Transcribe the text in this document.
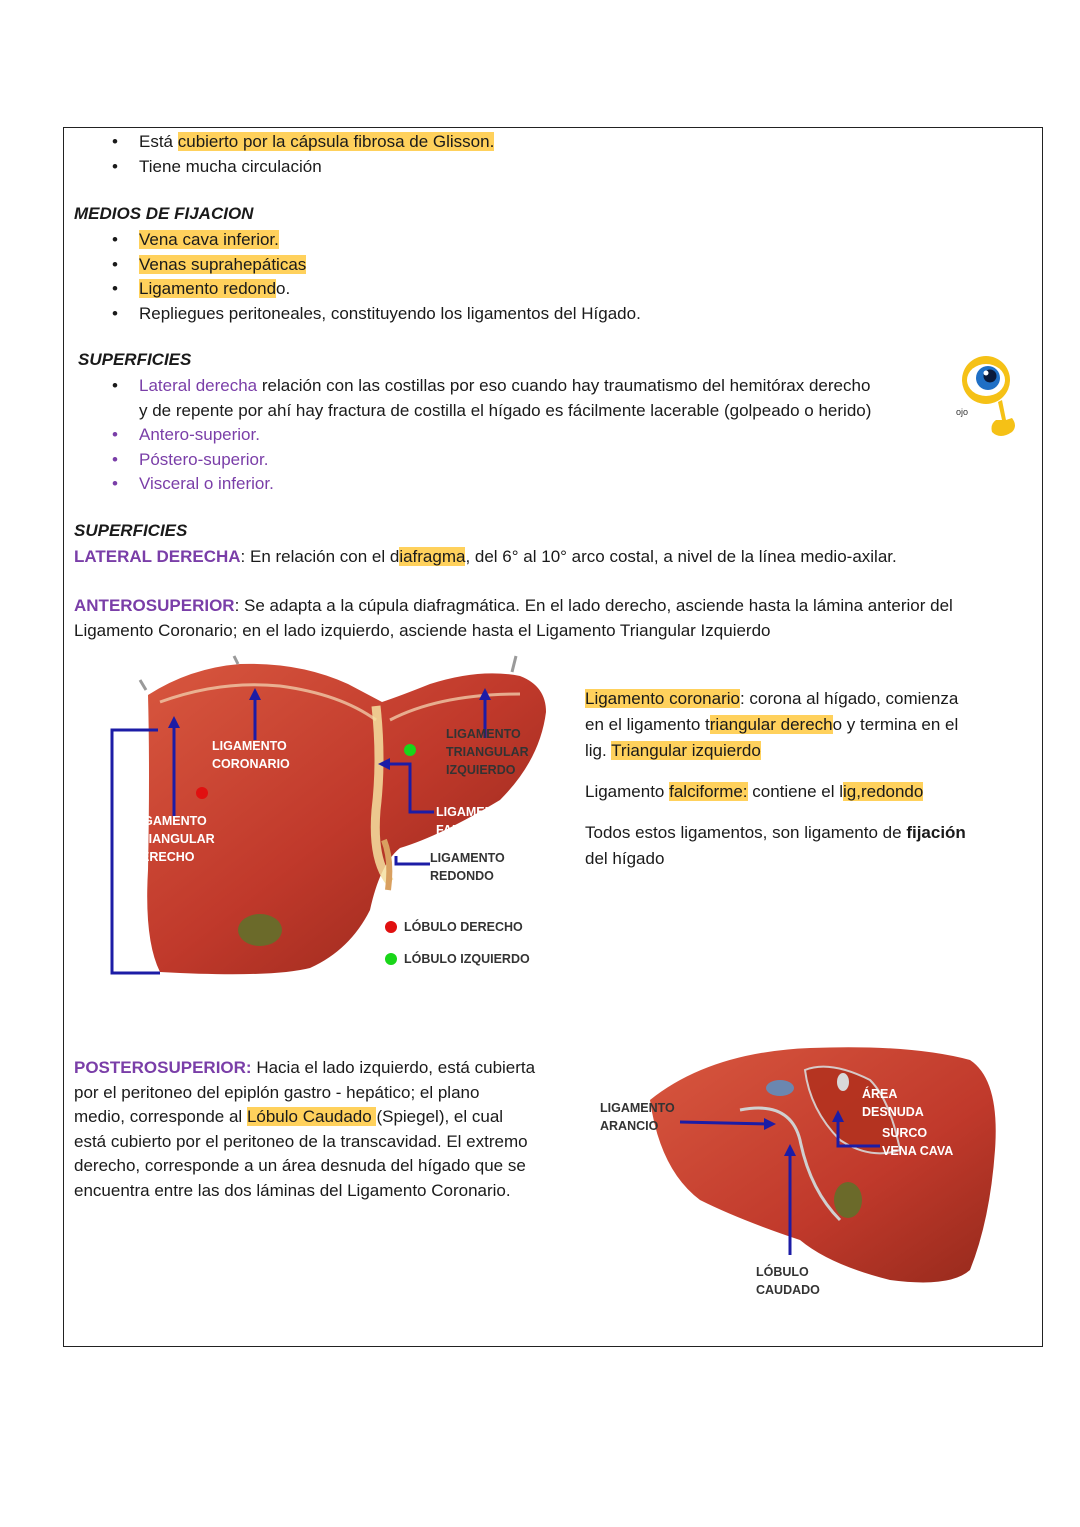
• Está cubierto por la cápsula fibrosa de Glisson.
• Tiene mucha circulación
MEDIOS DE FIJACION
• Vena cava inferior.
• Venas suprahepáticas
• Ligamento redondo.
• Repliegues peritoneales, constituyendo los ligamentos del Hígado.
SUPERFICIES
• Lateral derecha relación con las costillas por eso cuando hay traumatismo del hemitórax derecho
y de repente por ahí hay fractura de costilla el hígado es fácilmente lacerable (golpeado o herido)
• Antero-superior.
• Póstero-superior.
• Visceral o inferior.
ojo
SUPERFICIES
LATERAL DERECHA: En relación con el diafragma, del 6° al 10° arco costal, a nivel de la línea medio-axilar.
ANTEROSUPERIOR: Se adapta a la cúpula diafragmática. En el lado derecho, asciende hasta la lámina anterior del
Ligamento Coronario; en el lado izquierdo, asciende hasta el Ligamento Triangular Izquierdo
LIGAMENTO
CORONARIO
LIGAMENTO
TRIANGULAR
IZQUIERDO
LIGAMENTO
FALCIFORME
LIGAMENTO
TRIANGULAR
DERECHO	LIGAMENTO
REDONDO
LÓBULO DERECHO
LÓBULO IZQUIERDO
Ligamento coronario: corona al hígado, comienza
en el ligamento triangular derecho y termina en el
lig. Triangular izquierdo
Ligamento falciforme: contiene el lig,redondo
Todos estos ligamentos, son ligamento de fijación
del hígado
POSTEROSUPERIOR: Hacia el lado izquierdo, está cubierta
por el peritoneo del epiplón gastro - hepático; el plano
medio, corresponde al Lóbulo Caudado (Spiegel), el cual
está cubierto por el peritoneo de la transcavidad. El extremo
derecho, corresponde a un área desnuda del hígado que se
encuentra entre las dos láminas del Ligamento Coronario.
LIGAMENTO
ARANCIO
ÁREA
DESNUDA
SURCO
VENA CAVA
LÓBULO
CAUDADO
